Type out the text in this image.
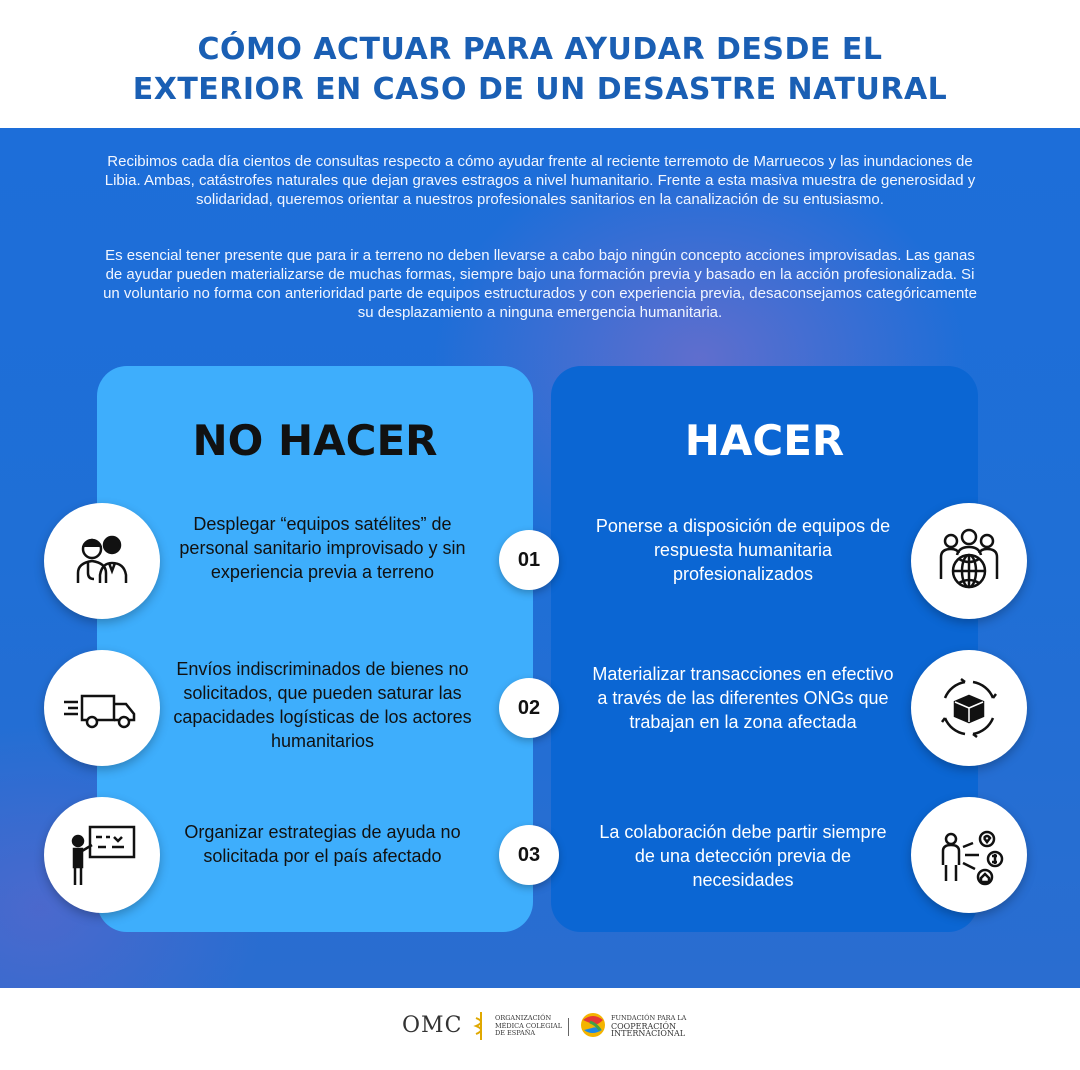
CÓMO ACTUAR PARA AYUDAR DESDE EL
EXTERIOR EN CASO DE UN DESASTRE NATURAL
Recibimos cada día cientos de consultas respecto a cómo ayudar frente al reciente terremoto de Marruecos y las inundaciones de Libia. Ambas, catástrofes naturales que dejan graves estragos a nivel humanitario. Frente a esta masiva muestra de generosidad y solidaridad, queremos orientar a nuestros profesionales sanitarios en la canalización de su entusiasmo.
Es esencial tener presente que para ir a terreno no deben llevarse a cabo bajo ningún concepto acciones improvisadas. Las ganas de ayudar pueden materializarse de muchas formas, siempre bajo una formación previa y basado en la acción profesionalizada. Si un voluntario no forma con anterioridad parte de equipos estructurados y con experiencia previa, desaconsejamos categóricamente su desplazamiento a ninguna emergencia humanitaria.
NO HACER	HACER
Desplegar “equipos satélites” de personal sanitario improvisado y sin experiencia previa a terreno
Envíos indiscriminados de bienes no solicitados, que pueden saturar las capacidades logísticas de los actores humanitarios
Organizar estrategias de ayuda no solicitada por el país afectado
Ponerse a disposición de equipos de respuesta humanitaria profesionalizados
Materializar transacciones en efectivo a través de las diferentes ONGs que trabajan en la zona afectada
La colaboración debe partir siempre de una detección previa de necesidades
01
02
03
OMC	ORGANIZACIÓN MÉDICA COLEGIAL DE ESPAÑA
FUNDACIÓN PARA LA
COOPERACIÓN INTERNACIONAL
